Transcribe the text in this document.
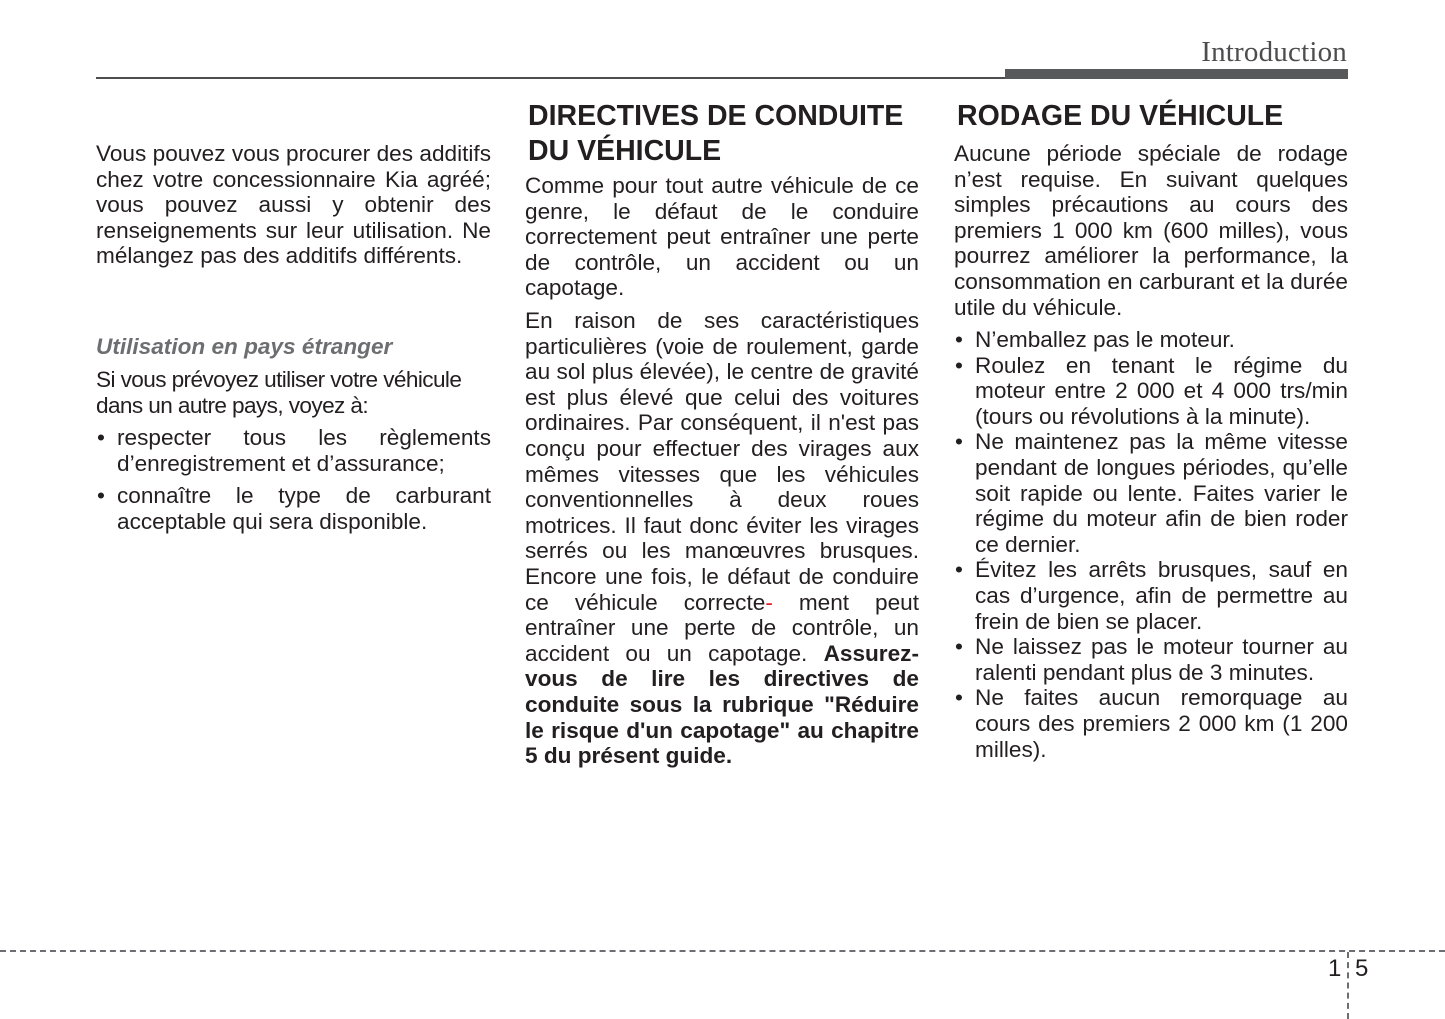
Introduction

Vous pouvez vous procurer des additifs chez votre concessionnaire Kia agréé; vous pouvez aussi y obtenir des renseignements sur leur utilisation. Ne mélangez pas des additifs différents.

Utilisation en pays étranger

Si vous prévoyez utiliser votre véhicule dans un autre pays, voyez à:

• respecter tous les règlements d’enregistrement et d’assurance;
• connaître le type de carburant acceptable qui sera disponible.
DIRECTIVES DE CONDUITE
DU VÉHICULE

Comme pour tout autre véhicule de ce genre, le défaut de le conduire correctement peut entraîner une perte de contrôle, un accident ou un capotage.

En raison de ses caractéristiques particulières (voie de roulement, garde au sol plus élevée), le centre de gravité est plus élevé que celui des voitures ordinaires. Par conséquent, il n'est pas conçu pour effectuer des virages aux mêmes vitesses que les véhicules conventionnelles à deux roues motrices. Il faut donc éviter les virages serrés ou les manœuvres brusques. Encore une fois, le défaut de conduire ce véhicule correcte- ment peut entraîner une perte de contrôle, un accident ou un capotage. Assurez-vous de lire les directives de conduite sous la rubrique "Réduire le risque d'un capotage" au chapitre 5 du présent guide.

RODAGE DU VÉHICULE

Aucune période spéciale de rodage n’est requise. En suivant quelques simples précautions au cours des premiers 1 000 km (600 milles), vous pourrez améliorer la performance, la consommation en carburant et la durée utile du véhicule.

• N’emballez pas le moteur.
• Roulez en tenant le régime du moteur entre 2 000 et 4 000 trs/min (tours ou révolutions à la minute).
• Ne maintenez pas la même vitesse pendant de longues périodes, qu’elle soit rapide ou lente. Faites varier le régime du moteur afin de bien roder ce dernier.
• Évitez les arrêts brusques, sauf en cas d’urgence, afin de permettre au frein de bien se placer.
• Ne laissez pas le moteur tourner au ralenti pendant plus de 3 minutes.
• Ne faites aucun remorquage au cours des premiers 2 000 km (1 200 milles).
1 5
